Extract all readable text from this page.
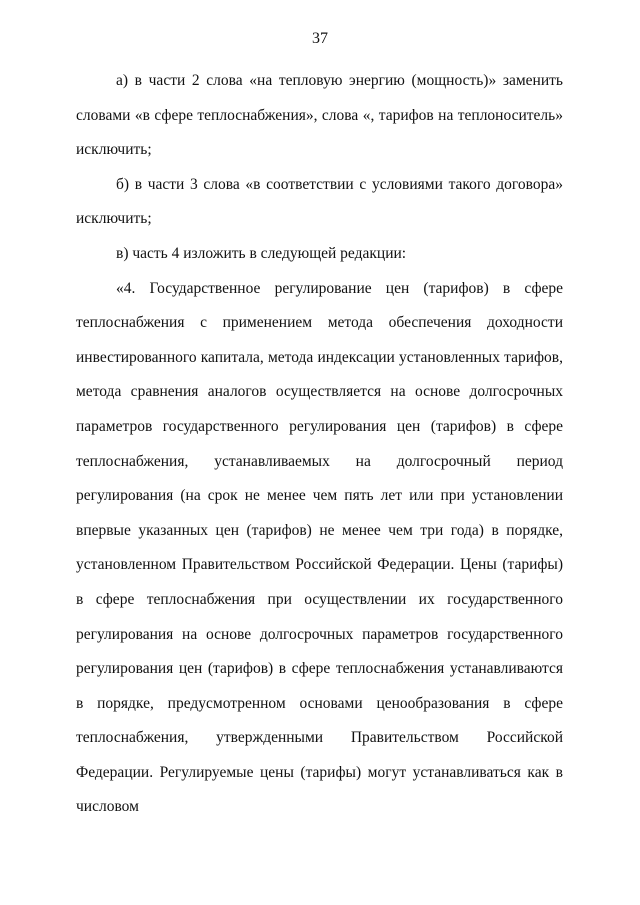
37

а) в части 2 слова «на тепловую энергию (мощность)» заменить словами «в сфере теплоснабжения», слова «, тарифов на теплоноситель» исключить;

б) в части 3 слова «в соответствии с условиями такого договора» исключить;

в) часть 4 изложить в следующей редакции:

«4. Государственное регулирование цен (тарифов) в сфере теплоснабжения с применением метода обеспечения доходности инвестированного капитала, метода индексации установленных тарифов, метода сравнения аналогов осуществляется на основе долгосрочных параметров государственного регулирования цен (тарифов) в сфере теплоснабжения, устанавливаемых на долгосрочный период регулирования (на срок не менее чем пять лет или при установлении впервые указанных цен (тарифов) не менее чем три года) в порядке, установленном Правительством Российской Федерации. Цены (тарифы) в сфере теплоснабжения при осуществлении их государственного регулирования на основе долгосрочных параметров государственного регулирования цен (тарифов) в сфере теплоснабжения устанавливаются в порядке, предусмотренном основами ценообразования в сфере теплоснабжения, утвержденными Правительством Российской Федерации. Регулируемые цены (тарифы) могут устанавливаться как в числовом
